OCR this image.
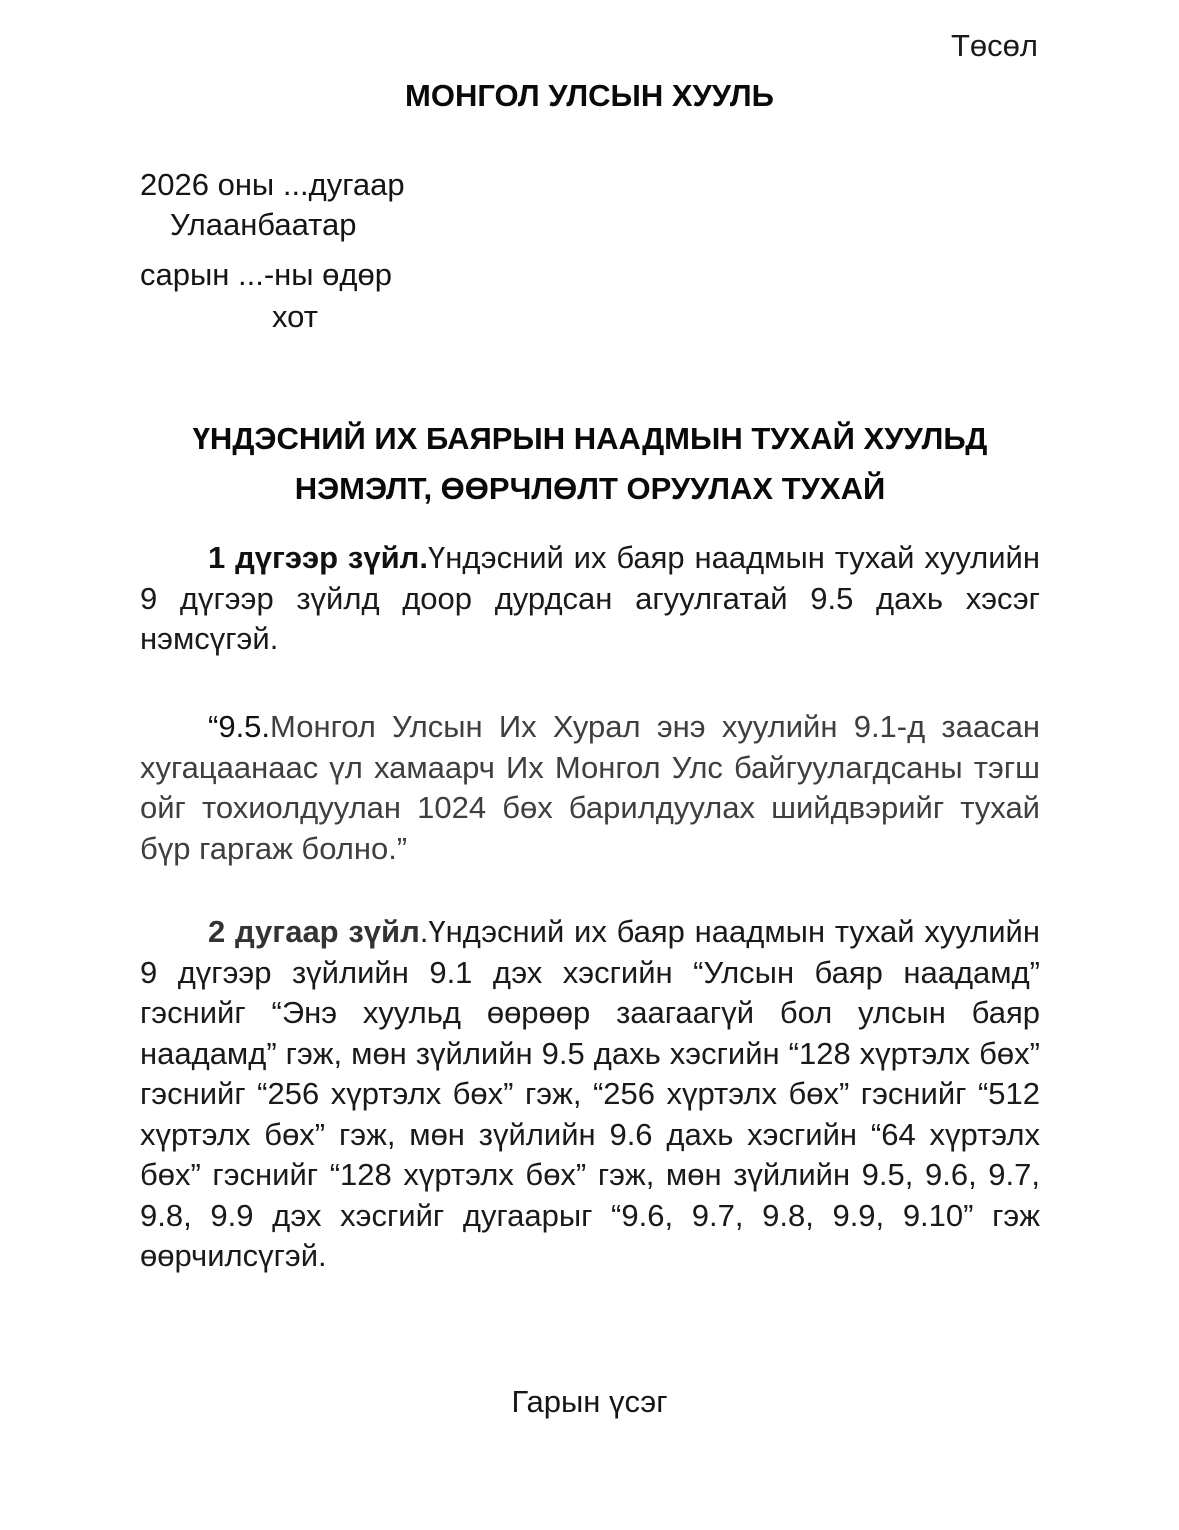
Төсөл
МОНГОЛ УЛСЫН ХУУЛЬ
2026 оны ...дугаар
Улаанбаатар
сарын ...-ны өдөр
хот
ҮНДЭСНИЙ ИХ БАЯРЫН НААДМЫН ТУХАЙ ХУУЛЬД
НЭМЭЛТ, ӨӨРЧЛӨЛТ ОРУУЛАХ ТУХАЙ

1 дүгээр зүйл.Үндэсний их баяр наадмын тухай хуулийн 9 дүгээр зүйлд доор дурдсан агуулгатай 9.5 дахь хэсэг нэмсүгэй.

“9.5.Монгол Улсын Их Хурал энэ хуулийн 9.1-д заасан хугацаанаас үл хамаарч Их Монгол Улс байгуулагдсаны тэгш ойг тохиолдуулан 1024 бөх барилдуулах шийдвэрийг тухай бүр гаргаж болно.”

2 дугаар зүйл.Үндэсний их баяр наадмын тухай хуулийн 9 дүгээр зүйлийн 9.1 дэх хэсгийн “Улсын баяр наадамд” гэснийг “Энэ хуульд өөрөөр заагаагүй бол улсын баяр наадамд” гэж, мөн зүйлийн 9.5 дахь хэсгийн “128 хүртэлх бөх” гэснийг “256 хүртэлх бөх” гэж, “256 хүртэлх бөх” гэснийг “512 хүртэлх бөх” гэж, мөн зүйлийн 9.6 дахь хэсгийн “64 хүртэлх бөх” гэснийг “128 хүртэлх бөх” гэж, мөн зүйлийн 9.5, 9.6, 9.7, 9.8, 9.9 дэх хэсгийг дугаарыг “9.6, 9.7, 9.8, 9.9, 9.10” гэж өөрчилсүгэй.

Гарын үсэг
